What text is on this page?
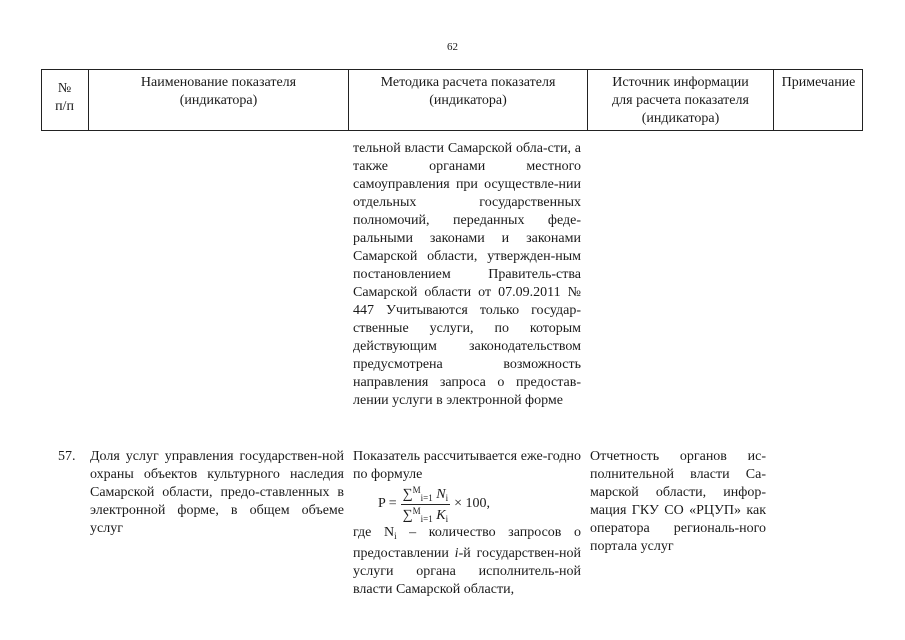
62
№
п/п
Наименование показателя
(индикатора)
Методика расчета показателя
(индикатора)
Источник информации
для расчета показателя
(индикатора)
Примечание
тельной власти Самарской обла-сти, а также органами местного самоуправления при осуществле-нии отдельных государственных полномочий, переданных феде-ральными законами и законами Самарской области, утвержден-ным постановлением Правитель-ства Самарской области от 07.09.2011 № 447 Учитываются только государ-ственные услуги, по которым действующим законодательством предусмотрена возможность направления запроса о предостав-лении услуги в электронной форме
57.	Доля услуг управления государствен-ной охраны объектов культурного наследия Самарской области, предо-ставленных в электронной форме, в общем объеме услуг
Показатель рассчитывается еже-годно по формуле
$P = \frac{\sum^M_{i=1} N_i}{\sum^M_{i=1} K_i} \times 100$,
где $N_i$ – количество запросов о предоставлении i-й государствен-ной услуги органа исполнитель-ной власти Самарской области,
Отчетность органов ис-полнительной власти Са-марской области, инфор-мация ГКУ СО «РЦУП» как оператора региональ-ного портала услуг
